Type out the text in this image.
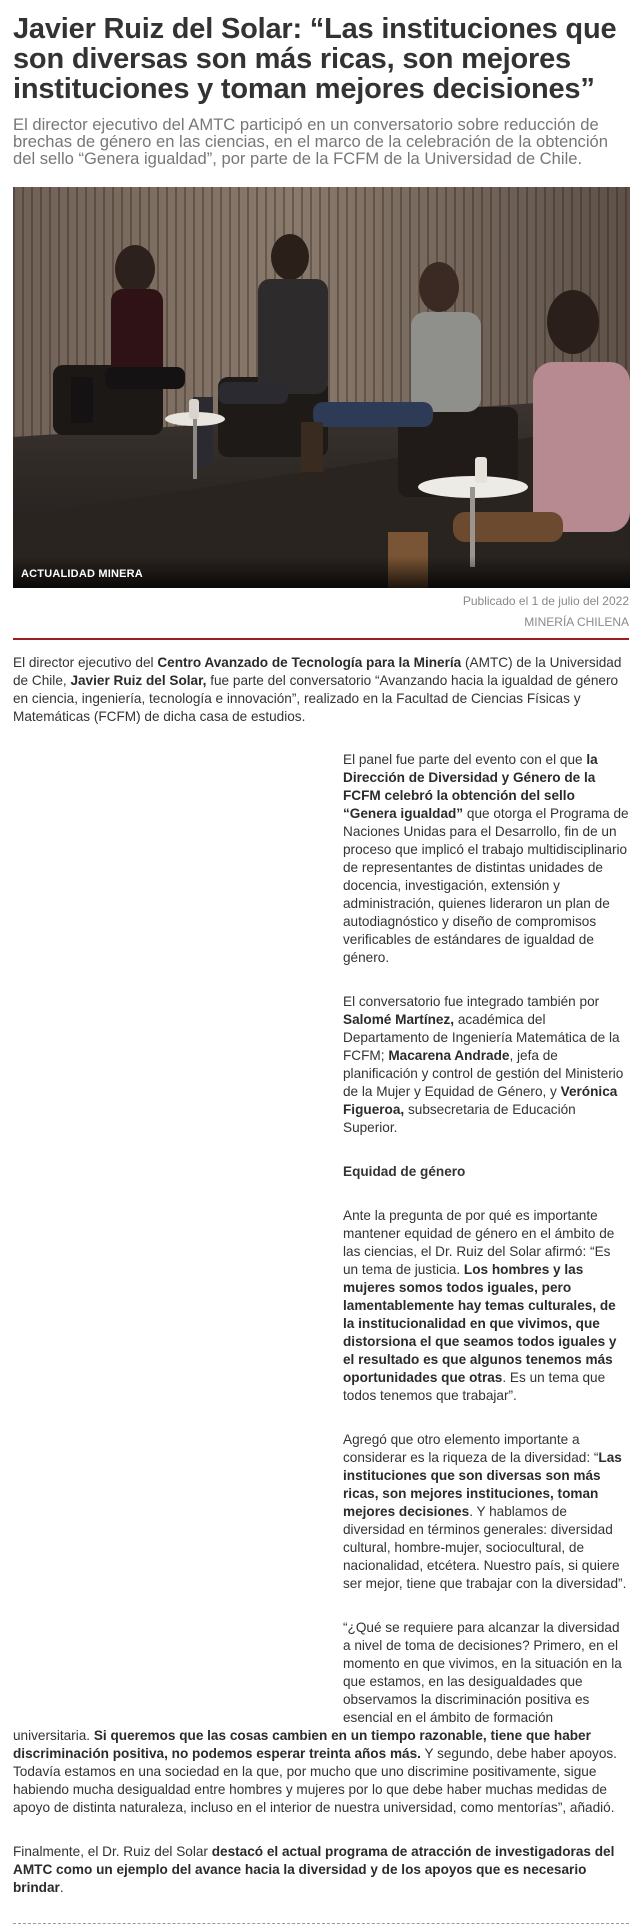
Javier Ruiz del Solar: “Las instituciones que son diversas son más ricas, son mejores instituciones y toman mejores decisiones”

El director ejecutivo del AMTC participó en un conversatorio sobre reducción de brechas de género en las ciencias, en el marco de la celebración de la obtención del sello “Genera igualdad”, por parte de la FCFM de la Universidad de Chile.

ACTUALIDAD MINERA
Publicado el 1 de julio del 2022
MINERÍA CHILENA

El director ejecutivo del Centro Avanzado de Tecnología para la Minería (AMTC) de la Universidad de Chile, Javier Ruiz del Solar, fue parte del conversatorio “Avanzando hacia la igualdad de género en ciencia, ingeniería, tecnología e innovación”, realizado en la Facultad de Ciencias Físicas y Matemáticas (FCFM) de dicha casa de estudios.

El panel fue parte del evento con el que la Dirección de Diversidad y Género de la FCFM celebró la obtención del sello “Genera igualdad” que otorga el Programa de Naciones Unidas para el Desarrollo, fin de un proceso que implicó el trabajo multidisciplinario de representantes de distintas unidades de docencia, investigación, extensión y administración, quienes lideraron un plan de autodiagnóstico y diseño de compromisos verificables de estándares de igualdad de género.

El conversatorio fue integrado también por Salomé Martínez, académica del Departamento de Ingeniería Matemática de la FCFM; Macarena Andrade, jefa de planificación y control de gestión del Ministerio de la Mujer y Equidad de Género, y Verónica Figueroa, subsecretaria de Educación Superior.

Equidad de género

Ante la pregunta de por qué es importante mantener equidad de género en el ámbito de las ciencias, el Dr. Ruiz del Solar afirmó: “Es un tema de justicia. Los hombres y las mujeres somos todos iguales, pero lamentablemente hay temas culturales, de la institucionalidad en que vivimos, que distorsiona el que seamos todos iguales y el resultado es que algunos tenemos más oportunidades que otras. Es un tema que todos tenemos que trabajar”.

Agregó que otro elemento importante a considerar es la riqueza de la diversidad: “Las instituciones que son diversas son más ricas, son mejores instituciones, toman mejores decisiones. Y hablamos de diversidad en términos generales: diversidad cultural, hombre-mujer, sociocultural, de nacionalidad, etcétera. Nuestro país, si quiere ser mejor, tiene que trabajar con la diversidad”.

“¿Qué se requiere para alcanzar la diversidad a nivel de toma de decisiones? Primero, en el momento en que vivimos, en la situación en la que estamos, en las desigualdades que observamos la discriminación positiva es esencial en el ámbito de formación universitaria. Si queremos que las cosas cambien en un tiempo razonable, tiene que haber discriminación positiva, no podemos esperar treinta años más. Y segundo, debe haber apoyos. Todavía estamos en una sociedad en la que, por mucho que uno discrimine positivamente, sigue habiendo mucha desigualdad entre hombres y mujeres por lo que debe haber muchas medidas de apoyo de distinta naturaleza, incluso en el interior de nuestra universidad, como mentorías”, añadió.

Finalmente, el Dr. Ruiz del Solar destacó el actual programa de atracción de investigadoras del AMTC como un ejemplo del avance hacia la diversidad y de los apoyos que es necesario brindar.
